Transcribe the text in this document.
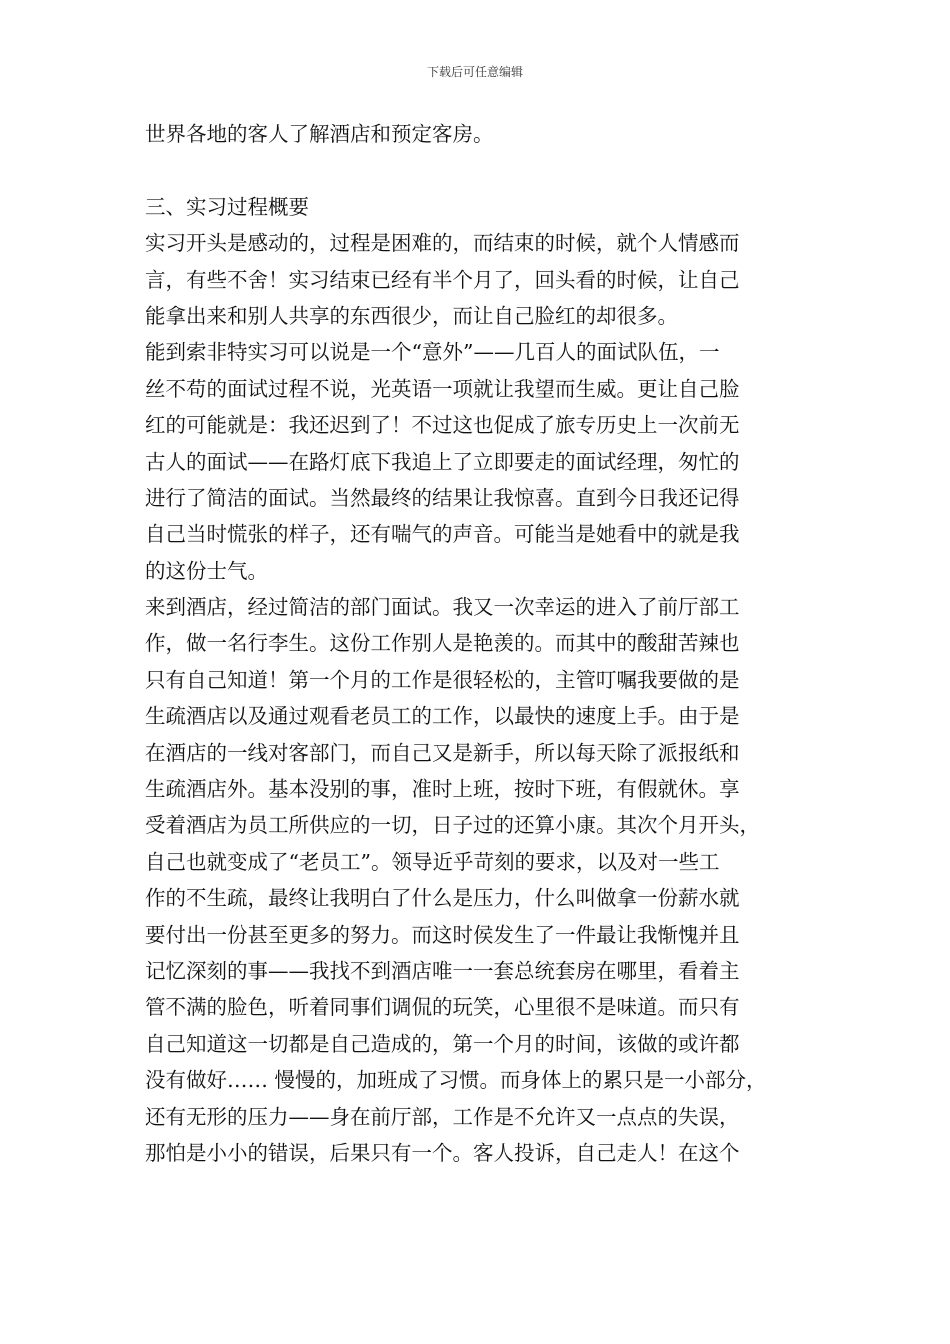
下载后可任意编辑
世界各地的客人了解酒店和预定客房。
三、实习过程概要
实习开头是感动的，过程是困难的，而结束的时候，就个人情感而
言，有些不舍！实习结束已经有半个月了，回头看的时候，让自己
能拿出来和别人共享的东西很少，而让自己脸红的却很多。
能到索非特实习可以说是一个“意外”——几百人的面试队伍，一
丝不苟的面试过程不说，光英语一项就让我望而生威。更让自己脸
红的可能就是：我还迟到了！不过这也促成了旅专历史上一次前无
古人的面试——在路灯底下我追上了立即要走的面试经理，匆忙的
进行了简洁的面试。当然最终的结果让我惊喜。直到今日我还记得
自己当时慌张的样子，还有喘气的声音。可能当是她看中的就是我
的这份士气。
来到酒店，经过简洁的部门面试。我又一次幸运的进入了前厅部工
作，做一名行李生。这份工作别人是艳羡的。而其中的酸甜苦辣也
只有自己知道！第一个月的工作是很轻松的，主管叮嘱我要做的是
生疏酒店以及通过观看老员工的工作，以最快的速度上手。由于是
在酒店的一线对客部门，而自己又是新手，所以每天除了派报纸和
生疏酒店外。基本没别的事，准时上班，按时下班，有假就休。享
受着酒店为员工所供应的一切，日子过的还算小康。其次个月开头，
自己也就变成了“老员工”。领导近乎苛刻的要求，以及对一些工
作的不生疏，最终让我明白了什么是压力，什么叫做拿一份薪水就
要付出一份甚至更多的努力。而这时侯发生了一件最让我惭愧并且
记忆深刻的事——我找不到酒店唯一一套总统套房在哪里，看着主
管不满的脸色，听着同事们调侃的玩笑，心里很不是味道。而只有
自己知道这一切都是自己造成的，第一个月的时间，该做的或许都
没有做好…… 慢慢的，加班成了习惯。而身体上的累只是一小部分，
还有无形的压力——身在前厅部，工作是不允许又一点点的失误，
那怕是小小的错误，后果只有一个。客人投诉，自己走人！在这个
